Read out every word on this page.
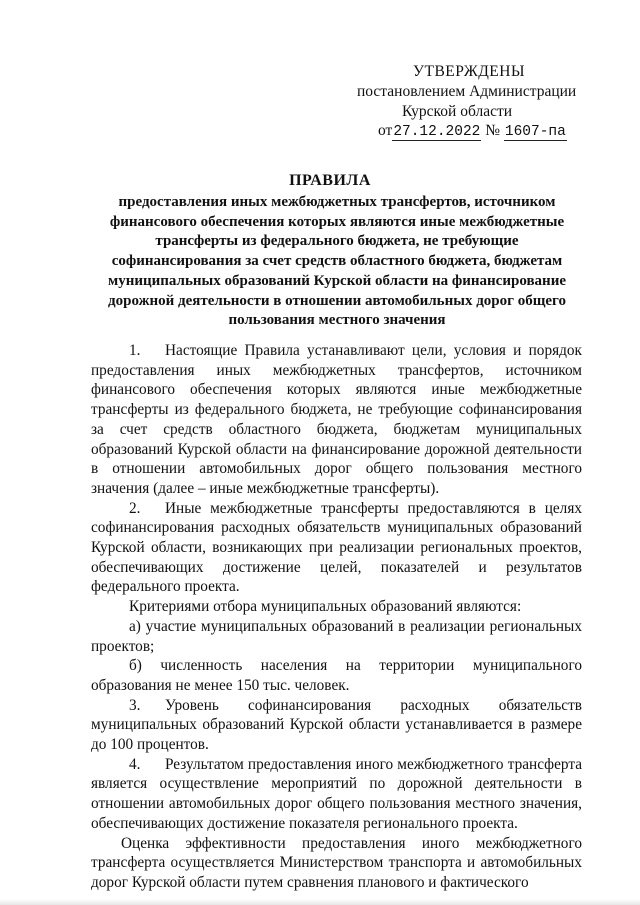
УТВЕРЖДЕНЫ
постановлением Администрации
Курской области
от27.12.2022 № 1607-па
ПРАВИЛА
предоставления иных межбюджетных трансфертов, источником финансового обеспечения которых являются иные межбюджетные трансферты из федерального бюджета, не требующие софинансирования за счет средств областного бюджета, бюджетам муниципальных образований Курской области на финансирование дорожной деятельности в отношении автомобильных дорог общего пользования местного значения

1. Настоящие Правила устанавливают цели, условия и порядок предоставления иных межбюджетных трансфертов, источником финансового обеспечения которых являются иные межбюджетные трансферты из федерального бюджета, не требующие софинансирования за счет средств областного бюджета, бюджетам муниципальных образований Курской области на финансирование дорожной деятельности в отношении автомобильных дорог общего пользования местного значения (далее – иные межбюджетные трансферты).

2. Иные межбюджетные трансферты предоставляются в целях софинансирования расходных обязательств муниципальных образований Курской области, возникающих при реализации региональных проектов, обеспечивающих достижение целей, показателей и результатов федерального проекта.

Критериями отбора муниципальных образований являются:

а) участие муниципальных образований в реализации региональных проектов;

б) численность населения на территории муниципального образования не менее 150 тыс. человек.

3. Уровень софинансирования расходных обязательств муниципальных образований Курской области устанавливается в размере до 100 процентов.

4. Результатом предоставления иного межбюджетного трансферта является осуществление мероприятий по дорожной деятельности в отношении автомобильных дорог общего пользования местного значения, обеспечивающих достижение показателя регионального проекта.

Оценка эффективности предоставления иного межбюджетного трансферта осуществляется Министерством транспорта и автомобильных дорог Курской области путем сравнения планового и фактического
